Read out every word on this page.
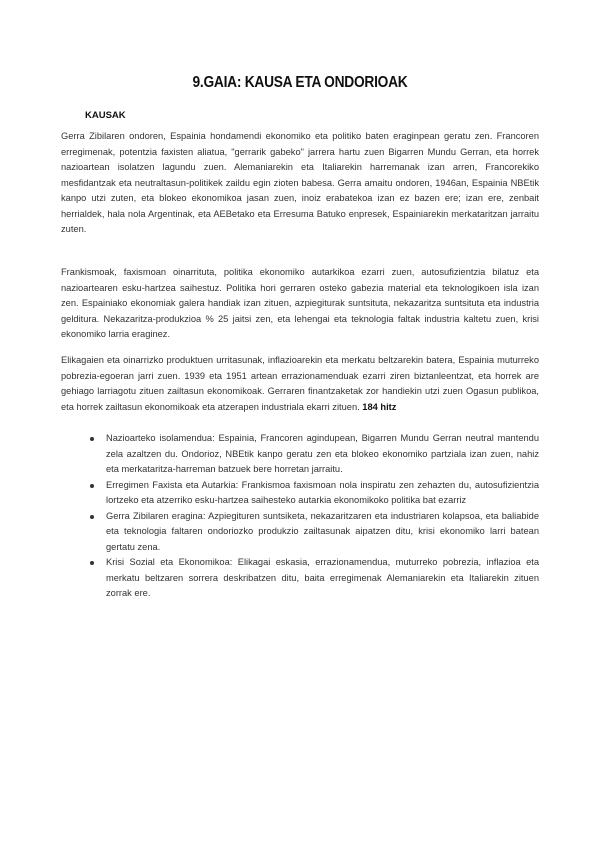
9.GAIA: KAUSA ETA ONDORIOAK
KAUSAK

Gerra Zibilaren ondoren, Espainia hondamendi ekonomiko eta politiko baten eraginpean geratu zen. Francoren erregimenak, potentzia faxisten aliatua, "gerrarik gabeko" jarrera hartu zuen Bigarren Mundu Gerran, eta horrek nazioartean isolatzen lagundu zuen. Alemaniarekin eta Italiarekin harremanak izan arren, Francorekiko mesfidantzak eta neutraltasun-politikek zaildu egin zioten babesa. Gerra amaitu ondoren, 1946an, Espainia NBEtik kanpo utzi zuten, eta blokeo ekonomikoa jasan zuen, inoiz erabatekoa izan ez bazen ere; izan ere, zenbait herrialdek, hala nola Argentinak, eta AEBetako eta Erresuma Batuko enpresek, Espainiarekin merkataritzan jarraitu zuten.

Frankismoak, faxismoan oinarrituta, politika ekonomiko autarkikoa ezarri zuen, autosufizientzia bilatuz eta nazioartearen esku-hartzea saihestuz. Politika hori gerraren osteko gabezia material eta teknologikoen isla izan zen. Espainiako ekonomiak galera handiak izan zituen, azpiegiturak suntsituta, nekazaritza suntsituta eta industria gelditura. Nekazaritza-produkzioa % 25 jaitsi zen, eta lehengai eta teknologia faltak industria kaltetu zuen, krisi ekonomiko larria eraginez.

Elikagaien eta oinarrizko produktuen urritasunak, inflazioarekin eta merkatu beltzarekin batera, Espainia muturreko pobrezia-egoeran jarri zuen. 1939 eta 1951 artean errazionamenduak ezarri ziren biztanleentzat, eta horrek are gehiago larriagotu zituen zailtasun ekonomikoak. Gerraren finantzaketak zor handiekin utzi zuen Ogasun publikoa, eta horrek zailtasun ekonomikoak eta atzerapen industriala ekarri zituen. 184 hitz

Nazioarteko isolamendua: Espainia, Francoren agindupean, Bigarren Mundu Gerran neutral mantendu zela azaltzen du. Ondorioz, NBEtik kanpo geratu zen eta blokeo ekonomiko partziala izan zuen, nahiz eta merkataritza-harreman batzuek bere horretan jarraitu.
Erregimen Faxista eta Autarkia: Frankismoa faxismoan nola inspiratu zen zehazten du, autosufizientzia lortzeko eta atzerriko esku-hartzea saihesteko autarkia ekonomikoko politika bat ezarriz
Gerra Zibilaren eragina: Azpiegituren suntsiketa, nekazaritzaren eta industriaren kolapsoa, eta baliabide eta teknologia faltaren ondoriozko produkzio zailtasunak aipatzen ditu, krisi ekonomiko larri batean gertatu zena.
Krisi Sozial eta Ekonomikoa: Elikagai eskasia, errazionamendua, muturreko pobrezia, inflazioa eta merkatu beltzaren sorrera deskribatzen ditu, baita erregimenak Alemaniarekin eta Italiarekin zituen zorrak ere.
